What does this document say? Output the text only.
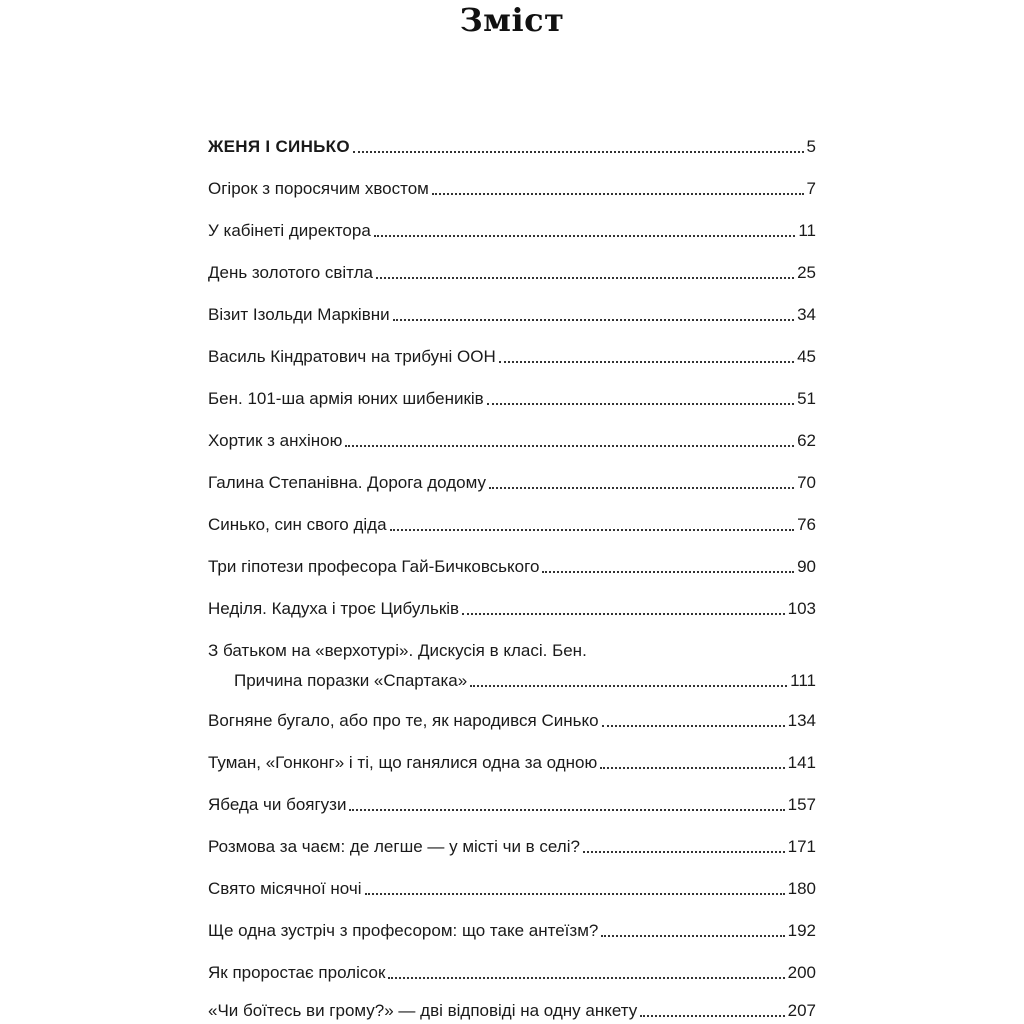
Зміст
ЖЕНЯ І СИНЬКО	5
Огірок з поросячим хвостом	7
У кабінеті директора	11
День золотого світла	25
Візит Ізольди Марківни	34
Василь Кіндратович на трибуні ООН	45
Бен. 101-ша армія юних шибеників	51
Хортик з анхіною	62
Галина Степанівна. Дорога додому	70
Синько, син свого діда	76
Три гіпотези професора Гай-Бичковського	90
Неділя. Кадуха і троє Цибульків	103
З батьком на «верхотурі». Дискусія в класі. Бен.
Причина поразки «Спартака»	111
Вогняне бугало, або про те, як народився Синько	134
Туман, «Гонконг» і ті, що ганялися одна за одною	141
Ябеда чи боягузи	157
Розмова за чаєм: де легше — у місті чи в селі?	171
Свято місячної ночі	180
Ще одна зустріч з професором: що таке антеїзм?	192
Як проростає пролісок	200
«Чи боїтесь ви грому?» — дві відповіді на одну анкету	207
